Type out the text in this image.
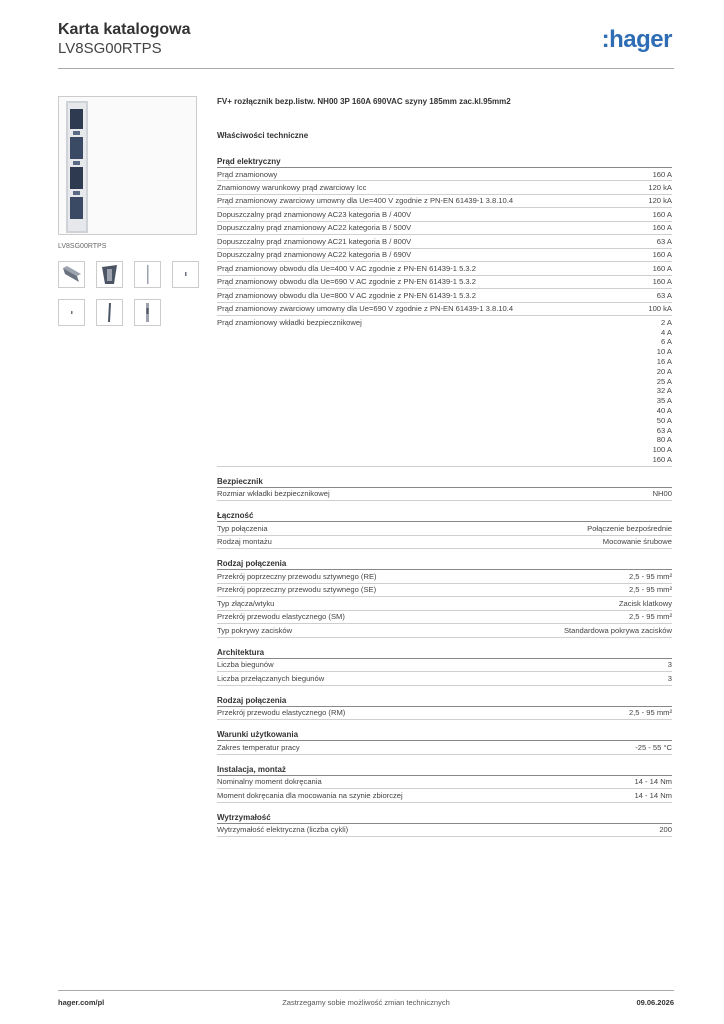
Karta katalogowa
LV8SG00RTPS	:hager
LV8SG00RTPS
FV+ rozłącznik bezp.listw. NH00 3P 160A 690VAC szyny 185mm zac.kl.95mm2
Właściwości techniczne
Prąd elektryczny
Prąd znamionowy	160 A
Znamionowy warunkowy prąd zwarciowy Icc	120 kA
Prąd znamionowy zwarciowy umowny dla Ue=400 V zgodnie z PN-EN 61439-1 3.8.10.4	120 kA
Dopuszczalny prąd znamionowy AC23 kategoria B / 400V	160 A
Dopuszczalny prąd znamionowy AC22 kategoria B / 500V	160 A
Dopuszczalny prąd znamionowy AC21 kategoria B / 800V	63 A
Dopuszczalny prąd znamionowy AC22 kategoria B / 690V	160 A
Prąd znamionowy obwodu dla Ue=400 V AC zgodnie z PN-EN 61439-1 5.3.2	160 A
Prąd znamionowy obwodu dla Ue=690 V AC zgodnie z PN-EN 61439-1 5.3.2	160 A
Prąd znamionowy obwodu dla Ue=800 V AC zgodnie z PN-EN 61439-1 5.3.2	63 A
Prąd znamionowy zwarciowy umowny dla Ue=690 V zgodnie z PN-EN 61439-1 3.8.10.4	100 kA
Prąd znamionowy wkładki bezpiecznikowej	2 A
4 A
6 A
10 A
16 A
20 A
25 A
32 A
35 A
40 A
50 A
63 A
80 A
100 A
160 A
Bezpiecznik
Rozmiar wkładki bezpiecznikowej	NH00
Łączność
Typ połączenia	Połączenie bezpośrednie
Rodzaj montażu	Mocowanie śrubowe
Rodzaj połączenia
Przekrój poprzeczny przewodu sztywnego (RE)	2,5 - 95 mm²
Przekrój poprzeczny przewodu sztywnego (SE)	2,5 - 95 mm²
Typ złącza/wtyku	Zacisk klatkowy
Przekrój przewodu elastycznego (SM)	2,5 - 95 mm²
Typ pokrywy zacisków	Standardowa pokrywa zacisków
Architektura
Liczba biegunów	3
Liczba przełączanych biegunów	3
Rodzaj połączenia
Przekrój przewodu elastycznego (RM)	2,5 - 95 mm²
Warunki użytkowania
Zakres temperatur pracy	-25 - 55 °C
Instalacja, montaż
Nominalny moment dokręcania	14 - 14 Nm
Moment dokręcania dla mocowania na szynie zbiorczej	14 - 14 Nm
Wytrzymałość
Wytrzymałość elektryczna (liczba cykli)	200
hager.com/pl	Zastrzegamy sobie możliwość zmian technicznych	09.06.2026
